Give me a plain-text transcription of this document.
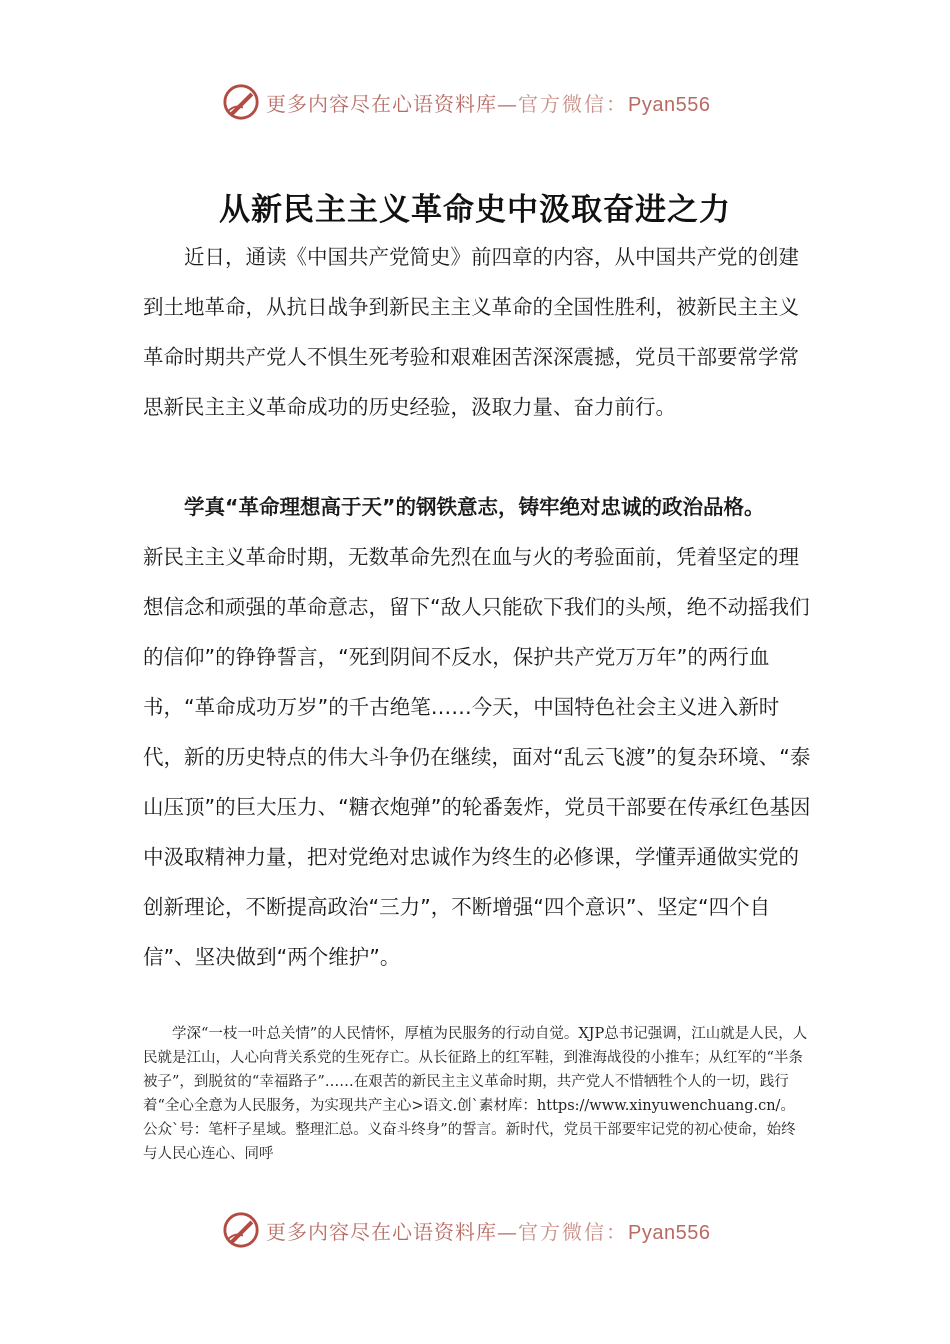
更多内容尽在心语资料库—官方微信：Pyan556
从新民主主义革命史中汲取奋进之力

近日，通读《中国共产党简史》前四章的内容，从中国共产党的创建到土地革命，从抗日战争到新民主主义革命的全国性胜利，被新民主主义革命时期共产党人不惧生死考验和艰难困苦深深震撼，党员干部要常学常思新民主主义革命成功的历史经验，汲取力量、奋力前行。

学真“革命理想高于天”的钢铁意志，铸牢绝对忠诚的政治品格。

新民主主义革命时期，无数革命先烈在血与火的考验面前，凭着坚定的理想信念和顽强的革命意志，留下“敌人只能砍下我们的头颅，绝不动摇我们的信仰”的铮铮誓言，“死到阴间不反水，保护共产党万万年”的两行血书，“革命成功万岁”的千古绝笔……今天，中国特色社会主义进入新时代，新的历史特点的伟大斗争仍在继续，面对“乱云飞渡”的复杂环境、“泰山压顶”的巨大压力、“糖衣炮弹”的轮番轰炸，党员干部要在传承红色基因中汲取精神力量，把对党绝对忠诚作为终生的必修课，学懂弄通做实党的创新理论，不断提高政治“三力”，不断增强“四个意识”、坚定“四个自信”、坚决做到“两个维护”。

学深“一枝一叶总关情”的人民情怀，厚植为民服务的行动自觉。XJP总书记强调，江山就是人民，人民就是江山，人心向背关系党的生死存亡。从长征路上的红军鞋，到淮海战役的小推车；从红军的“半条被子”，到脱贫的“幸福路子”……在艰苦的新民主主义革命时期，共产党人不惜牺牲个人的一切，践行着“全心全意为人民服务，为实现共产主心>语文.创`素材库：https://www.xinyuwenchuang.cn/。公众`号：笔杆子星域。整理汇总。义奋斗终身”的誓言。新时代，党员干部要牢记党的初心使命，始终与人民心连心、同呼

更多内容尽在心语资料库—官方微信：Pyan556
